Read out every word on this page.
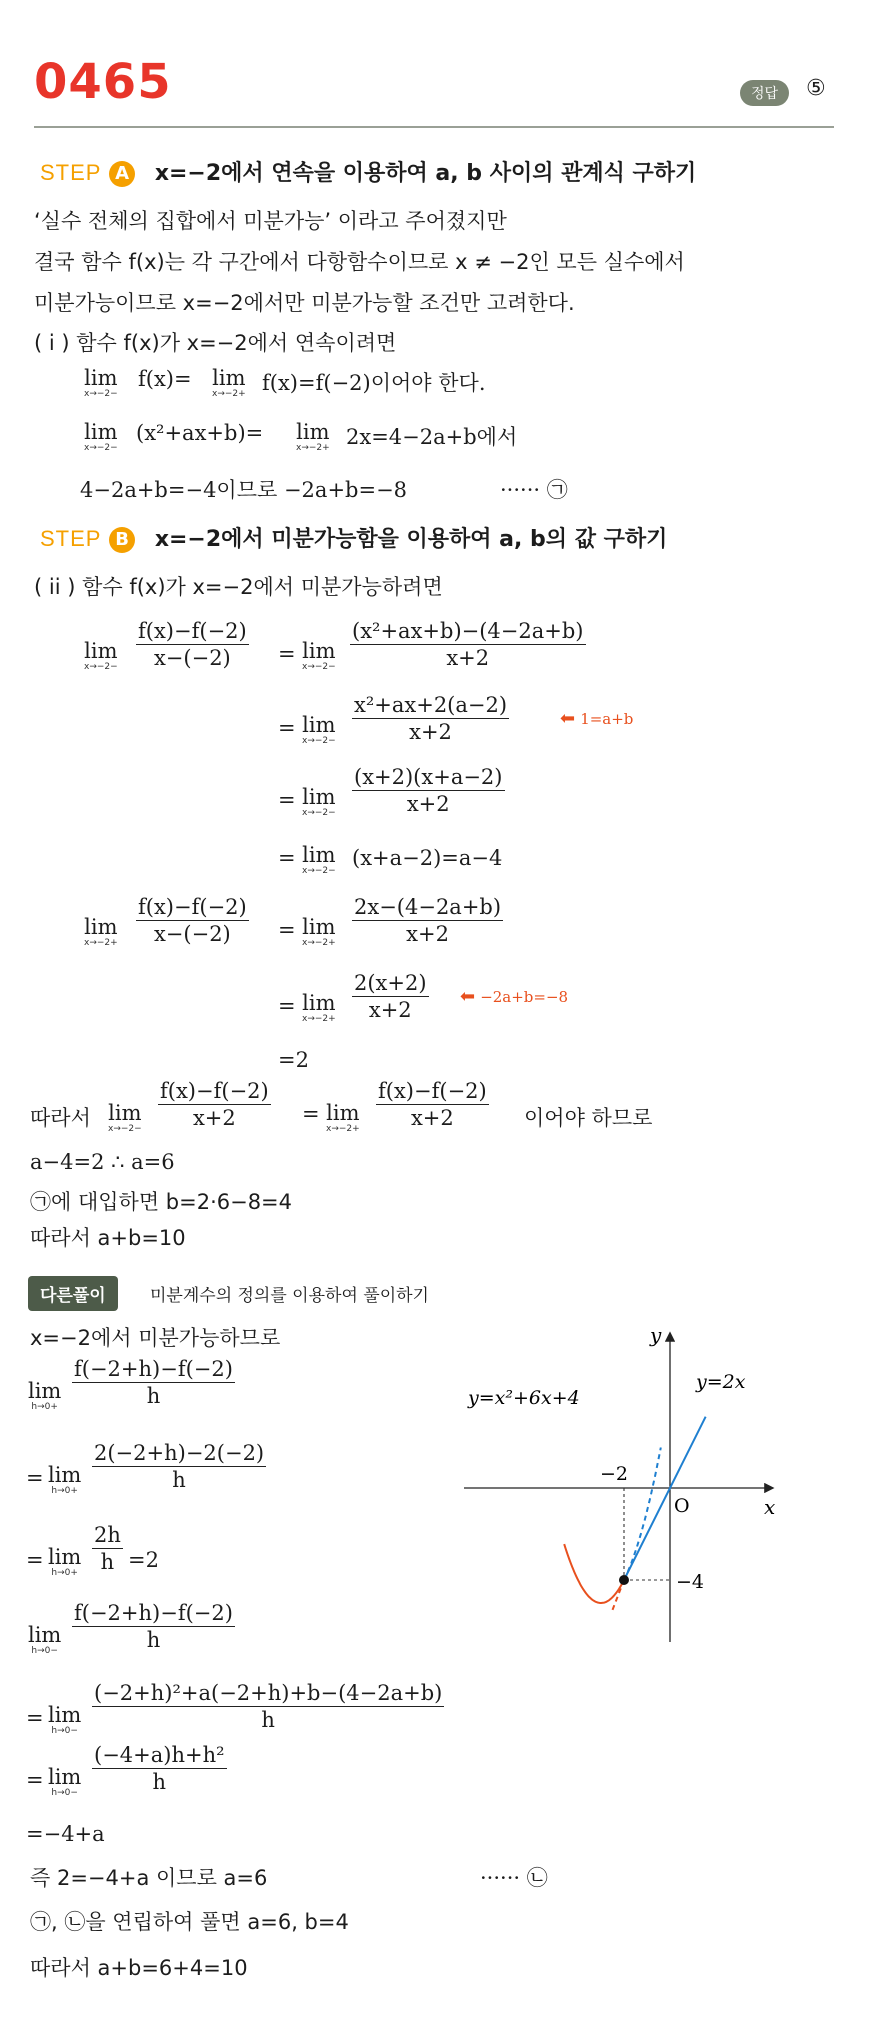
0465	정답	⑤
STEP A x=−2에서 연속을 이용하여 a, b 사이의 관계식 구하기
‘실수 전체의 집합에서 미분가능’ 이라고 주어졌지만
결국 함수 f(x)는 각 구간에서 다항함수이므로 x ≠ −2인 모든 실수에서
미분가능이므로 x=−2에서만 미분가능할 조건만 고려한다.
( i ) 함수 f(x)가 x=−2에서 연속이려면
lim
x→−2−
f(x)= lim
x→−2+ f(x)=f(−2)이어야 한다.
lim
x→−2−
(x²+ax+b)= lim
x→−2+ 2x=4−2a+b에서
4−2a+b=−4이므로 −2a+b=−8	······ ㉠
STEP B x=−2에서 미분가능함을 이용하여 a, b의 값 구하기
( ii ) 함수 f(x)가 x=−2에서 미분가능하려면
lim
$x\to-2- \frac{f(x)-f(-2)}{x-(-2)} = \lim$
$x\to-2- \frac{\text{(x²+ax+b)−(4−2a+b)}}{x+2}$
= lim
$x\to-2- \frac{\text{x²+ax+2(a−2)}}{x+2}$	⬅ 1=a+b
= lim
$x\to-2- \frac{(x+2)(x+a-2)}{x+2}$
= lim
x→−2−
(x+a−2)=a−4
lim
$x\to-2+ \frac{f(x)-f(-2)}{x-(-2)} = \lim$
$x\to-2+ \frac{2x-(4-2a+b)}{x+2}$
= lim
$x\to-2+ \frac{2(x+2)}{x+2}$ ⬅ −2a+b=−8
=2
따라서 lim
$x\to-2- \frac{f(x)-f(-2)}{x+2} = \lim$
$x\to-2+ \frac{f(x)-f(-2)}{x+2}$ 이어야 하므로
a−4=2 ∴ a=6
㉠에 대입하면 b=2·6−8=4
따라서 a+b=10
다른풀이	미분계수의 정의를 이용하여 풀이하기
x=−2에서 미분가능하므로
lim
$h\to 0+ \frac{f(-2+h)-f(-2)}{h}$
= lim
$h\to 0+ \frac{2(-2+h)-2(-2)}{h}$
= lim
$h\to 0+ \frac{2h}{h} =2$
lim
$h\to 0- \frac{f(-2+h)-f(-2)}{h}$
= lim
$h\to 0- \frac{\text{(−2+h)²+a(−2+h)+b−(4−2a+b)}}{h}$
= lim
$h\to 0- \frac{\text{(−4+a)h+h²}}{h}$
=−4+a
즉 2=−4+a 이므로 a=6	······ ㉡
㉠, ㉡을 연립하여 풀면 a=6, b=4
따라서 a+b=6+4=10
y
x
O
−2
−4
y=x²+6x+4
y=2x
